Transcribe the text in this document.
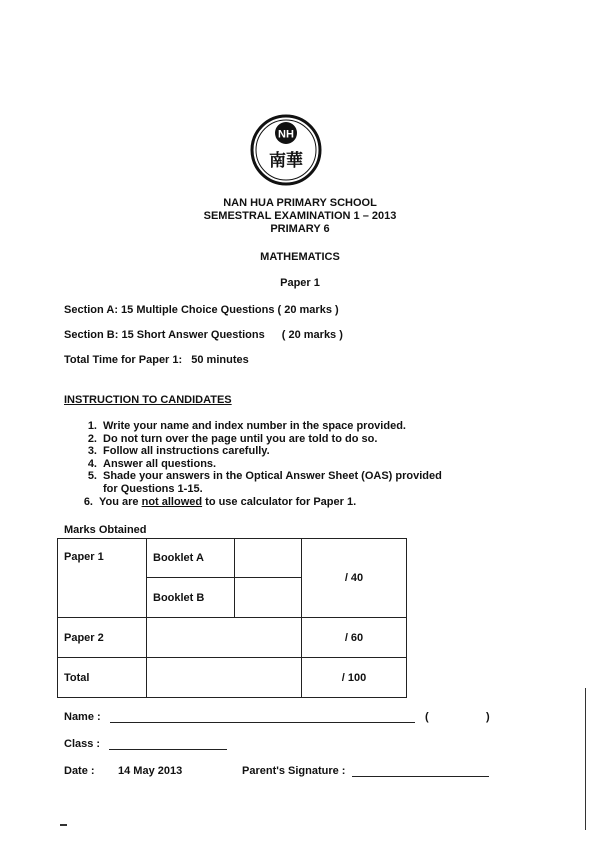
NH
南華
NAN HUA PRIMARY SCHOOL
SEMESTRAL EXAMINATION 1 – 2013
PRIMARY 6
MATHEMATICS
Paper 1
Section A: 15 Multiple Choice Questions ( 20 marks )
Section B: 15 Short Answer Questions ( 20 marks )
Total Time for Paper 1: 50 minutes
INSTRUCTION TO CANDIDATES
1. Write your name and index number in the space provided.
2. Do not turn over the page until you are told to do so.
3. Follow all instructions carefully.
4. Answer all questions.
5. Shade your answers in the Optical Answer Sheet (OAS) provided
for Questions 1-15.
6. You are not allowed to use calculator for Paper 1.
Marks Obtained
Paper 1	Booklet A		/ 40
	Booklet B		
Paper 2			/ 60
Total			/ 100
Name :	(	)
Class :
Date : 14 May 2013	Parent's Signature :
